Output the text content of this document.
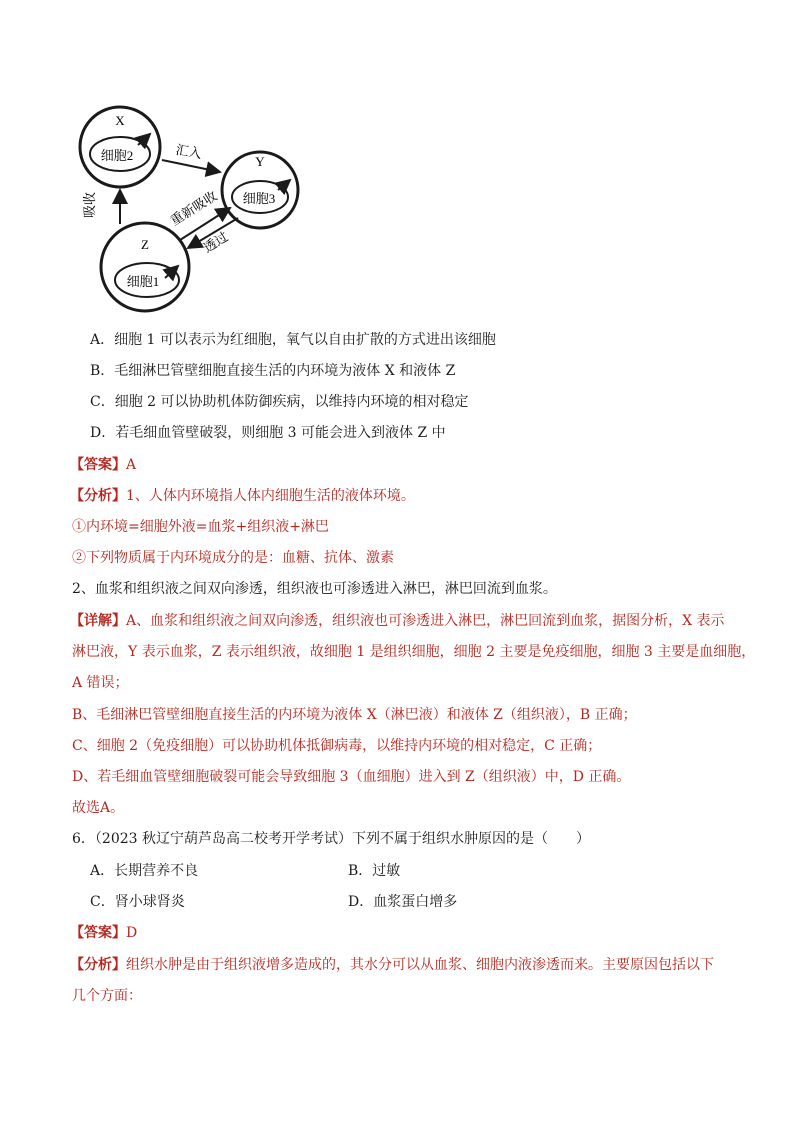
X
细胞2	Y
细胞3
Z
细胞1
汇入
吸收	重新吸收
透过
A．细胞 1 可以表示为红细胞，氧气以自由扩散的方式进出该细胞
B．毛细淋巴管壁细胞直接生活的内环境为液体 X 和液体 Z
C．细胞 2 可以协助机体防御疾病，以维持内环境的相对稳定
D．若毛细血管壁破裂，则细胞 3 可能会进入到液体 Z 中
【答案】A
【分析】1、人体内环境指人体内细胞生活的液体环境。
①内环境=细胞外液=血浆+组织液+淋巴
②下列物质属于内环境成分的是：血糖、抗体、激素
2、血浆和组织液之间双向渗透，组织液也可渗透进入淋巴，淋巴回流到血浆。
【详解】A、血浆和组织液之间双向渗透，组织液也可渗透进入淋巴，淋巴回流到血浆，据图分析，X 表示
淋巴液，Y 表示血浆，Z 表示组织液，故细胞 1 是组织细胞，细胞 2 主要是免疫细胞，细胞 3 主要是血细胞，
A 错误；
B、毛细淋巴管壁细胞直接生活的内环境为液体 X（淋巴液）和液体 Z（组织液），B 正确；
C、细胞 2（免疫细胞）可以协助机体抵御病毒，以维持内环境的相对稳定，C 正确；
D、若毛细血管壁细胞破裂可能会导致细胞 3（血细胞）进入到 Z（组织液）中，D 正确。
故选A。
6．（2023 秋辽宁葫芦岛高二校考开学考试）下列不属于组织水肿原因的是（　　）
A．长期营养不良	B．过敏
C．肾小球肾炎	D．血浆蛋白增多
【答案】D
【分析】组织水肿是由于组织液增多造成的，其水分可以从血浆、细胞内液渗透而来。主要原因包括以下
几个方面：
